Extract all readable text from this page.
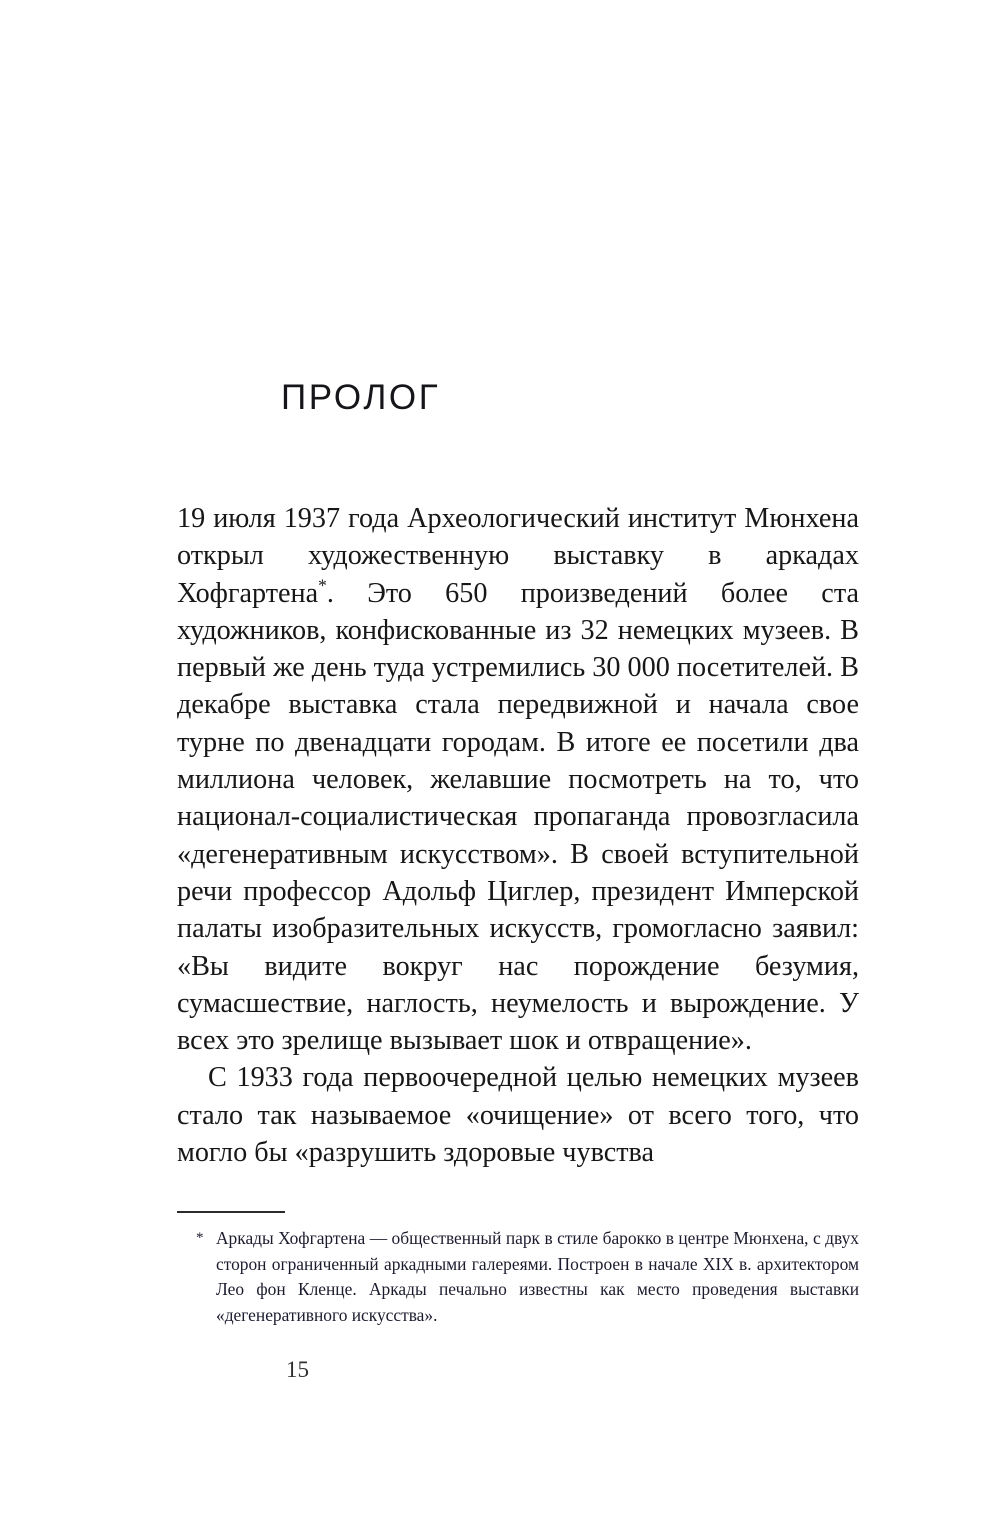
ПРОЛОГ

19 июля 1937 года Археологический институт Мюнхена открыл художественную выставку в аркадах Хофгартена*. Это 650 произведений более ста художников, конфискованные из 32 немецких музеев. В первый же день туда устремились 30 000 посетителей. В декабре выставка стала передвижной и начала свое турне по двенадцати городам. В итоге ее посетили два миллиона человек, желавшие посмотреть на то, что национал-социалистическая пропаганда провозгласила «дегенеративным искусством». В своей вступительной речи профессор Адольф Циглер, президент Имперской палаты изобразительных искусств, громогласно заявил: «Вы видите вокруг нас порождение безумия, сумасшествие, наглость, неумелость и вырождение. У всех это зрелище вызывает шок и отвращение».

С 1933 года первоочередной целью немецких музеев стало так называемое «очищение» от всего того, что могло бы «разрушить здоровые чувства

* Аркады Хофгартена — общественный парк в стиле барокко в центре Мюнхена, с двух сторон ограниченный аркадными галереями. Построен в начале XIX в. архитектором Лео фон Кленце. Аркады печально известны как место проведения выставки «дегенеративного искусства».

15
